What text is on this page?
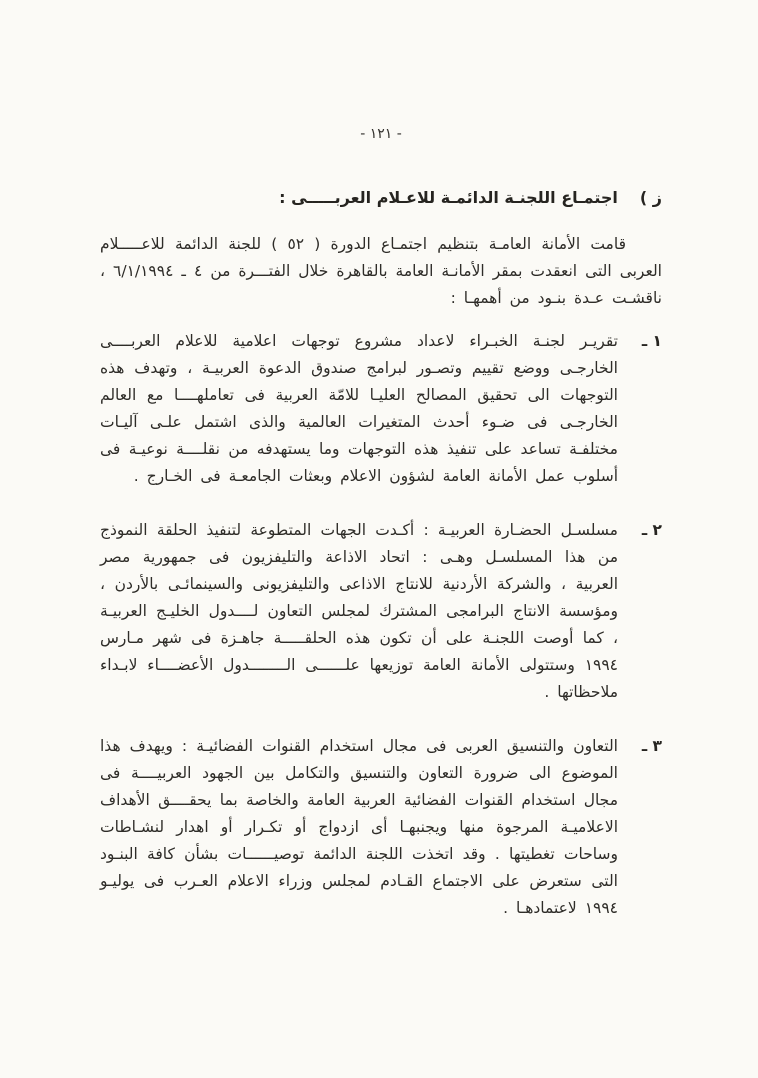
- ١٢١ -
ز )
اجتمـاع اللجنـة الدائمـة للاعـلام العربـــــى :

قامت الأمانة العامـة بتنظيم اجتمـاع الدورة ( ٥٢ ) للجنة الدائمة للاعـــــلام العربى التى انعقدت بمقر الأمانـة العامة بالقاهرة خلال الفتـــرة من ٤ ـ ٦/١/١٩٩٤ ، ناقشـت عـدة بنـود من أهمهـا :

١ ـ
تقريـر لجنـة الخبـراء لاعداد مشروع توجهات اعلامية للاعلام العربــــى الخارجـى ووضع تقييم وتصـور لبرامج صندوق الدعوة العربيـة ، وتهدف هذه التوجهات الى تحقيق المصالح العليـا للامّة العربية فى تعاملهــــا مع العالم الخارجـى فى ضـوء أحدث المتغيرات العالمية والذى اشتمل علـى آليـات مختلفـة تساعد على تنفيذ هذه التوجهات وما يستهدفه من نقلــــة نوعيـة فى أسلوب عمل الأمانة العامة لشؤون الاعلام وبعثات الجامعـة فى الخـارج .
٢ ـ
مسلسـل الحضـارة العربيـة : أكـدت الجهات المتطوعة لتنفيذ الحلقة النموذج من هذا المسلسـل وهـى : اتحاد الاذاعة والتليفزيون فى جمهورية مصر العربية ، والشركة الأردنية للانتاج الاذاعى والتليفزيونى والسينمائـى بالأردن ، ومؤسسة الانتاج البرامجى المشترك لمجلس التعاون لــــدول الخليـج العربيـة ، كما أوصت اللجنـة على أن تكون هذه الحلقـــــة جاهـزة فى شهر مـارس ١٩٩٤ وستتولى الأمانة العامة توزيعها علــــــى الــــــــدول الأعضــــاء لابـداء ملاحظاتها .
٣ ـ
التعاون والتنسيق العربى فى مجال استخدام القنوات الفضائيـة : ويهدف هذا الموضوع الى ضرورة التعاون والتنسيق والتكامل بين الجهود العربيــــة فى مجال استخدام القنوات الفضائية العربية العامة والخاصة بما يحقــــق الأهداف الاعلاميـة المرجوة منها ويجنبهـا أى ازدواج أو تكـرار أو اهدار لنشـاطات وساحات تغطيتها . وقد اتخذت اللجنة الدائمة توصيــــــات بشأن كافة البنـود التى ستعرض على الاجتماع القـادم لمجلس وزراء الاعلام العـرب فى يوليـو ١٩٩٤ لاعتمادهـا .
